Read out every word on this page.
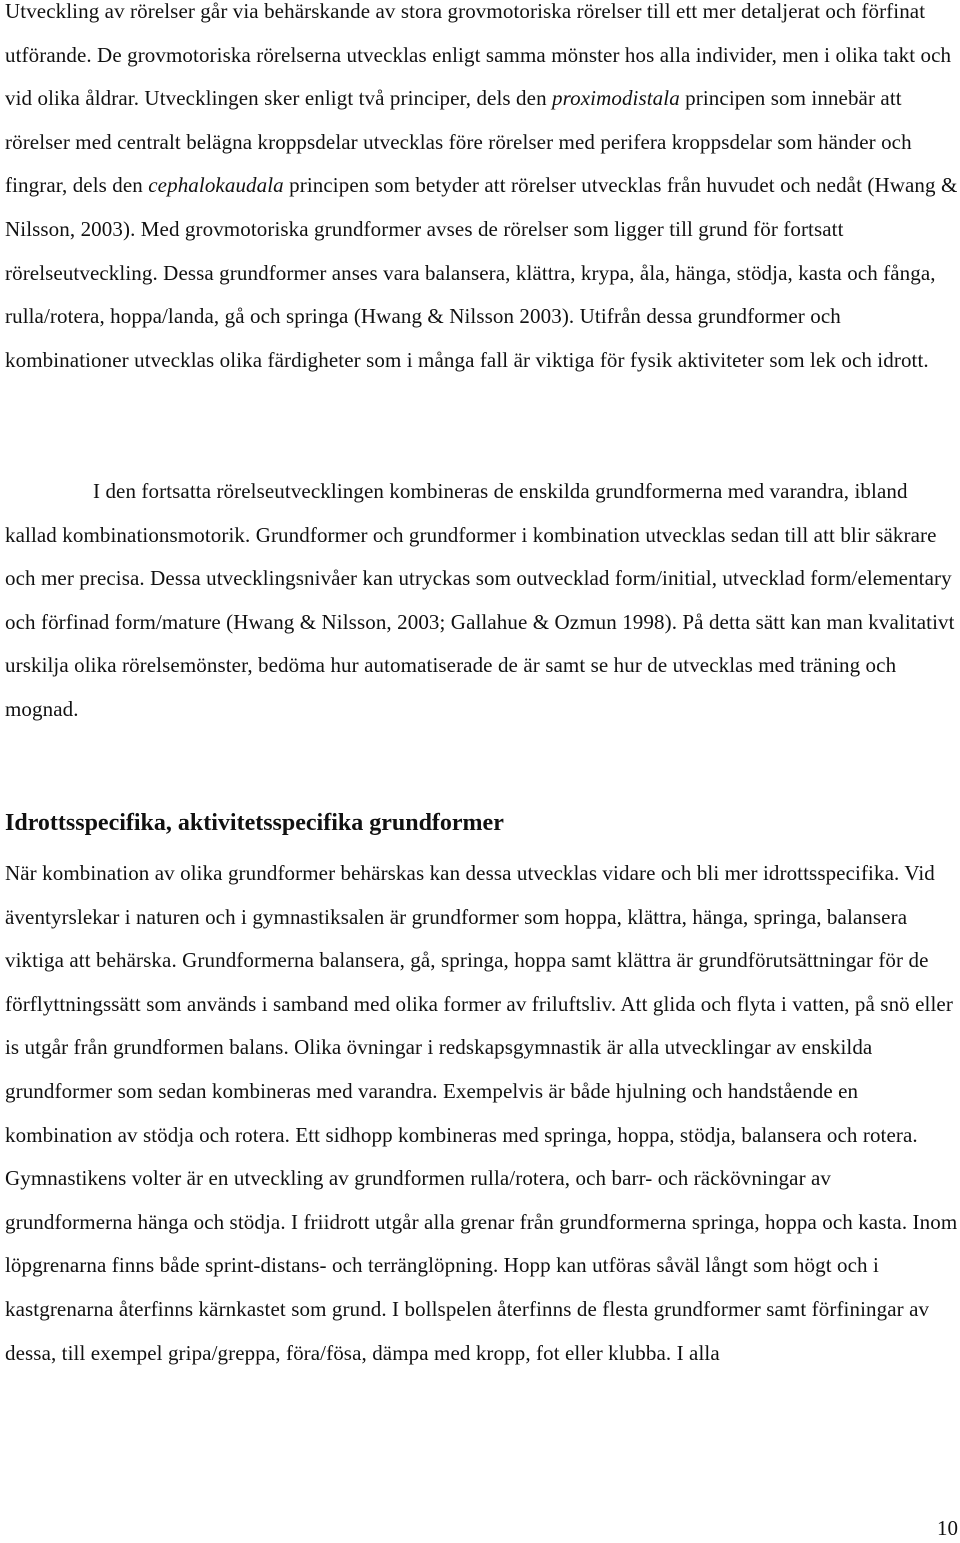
Utveckling av rörelser går via behärskande av stora grovmotoriska rörelser till ett mer detaljerat och förfinat utförande. De grovmotoriska rörelserna utvecklas enligt samma mönster hos alla individer, men i olika takt och vid olika åldrar. Utvecklingen sker enligt två principer, dels den proximodistala principen som innebär att rörelser med centralt belägna kroppsdelar utvecklas före rörelser med perifera kroppsdelar som händer och fingrar, dels den cephalokaudala principen som betyder att rörelser utvecklas från huvudet och nedåt (Hwang & Nilsson, 2003). Med grovmotoriska grundformer avses de rörelser som ligger till grund för fortsatt rörelseutveckling. Dessa grundformer anses vara balansera, klättra, krypa, åla, hänga, stödja, kasta och fånga, rulla/rotera, hoppa/landa, gå och springa (Hwang & Nilsson 2003). Utifrån dessa grundformer och kombinationer utvecklas olika färdigheter som i många fall är viktiga för fysik aktiviteter som lek och idrott.

I den fortsatta rörelseutvecklingen kombineras de enskilda grundformerna med varandra, ibland kallad kombinationsmotorik. Grundformer och grundformer i kombination utvecklas sedan till att blir säkrare och mer precisa. Dessa utvecklingsnivåer kan utryckas som outvecklad form/initial, utvecklad form/elementary och förfinad form/mature (Hwang & Nilsson, 2003; Gallahue & Ozmun 1998). På detta sätt kan man kvalitativt urskilja olika rörelsemönster, bedöma hur automatiserade de är samt se hur de utvecklas med träning och mognad.

Idrottsspecifika, aktivitetsspecifika grundformer

När kombination av olika grundformer behärskas kan dessa utvecklas vidare och bli mer idrottsspecifika. Vid äventyrslekar i naturen och i gymnastiksalen är grundformer som hoppa, klättra, hänga, springa, balansera viktiga att behärska. Grundformerna balansera, gå, springa, hoppa samt klättra är grundförutsättningar för de förflyttningssätt som används i samband med olika former av friluftsliv. Att glida och flyta i vatten, på snö eller is utgår från grundformen balans. Olika övningar i redskapsgymnastik är alla utvecklingar av enskilda grundformer som sedan kombineras med varandra. Exempelvis är både hjulning och handstående en kombination av stödja och rotera. Ett sidhopp kombineras med springa, hoppa, stödja, balansera och rotera. Gymnastikens volter är en utveckling av grundformen rulla/rotera, och barr- och räckövningar av grundformerna hänga och stödja. I friidrott utgår alla grenar från grundformerna springa, hoppa och kasta. Inom löpgrenarna finns både sprint-distans- och terränglöpning. Hopp kan utföras såväl långt som högt och i kastgrenarna återfinns kärnkastet som grund. I bollspelen återfinns de flesta grundformer samt förfiningar av dessa, till exempel gripa/greppa, föra/fösa, dämpa med kropp, fot eller klubba. I alla

10
